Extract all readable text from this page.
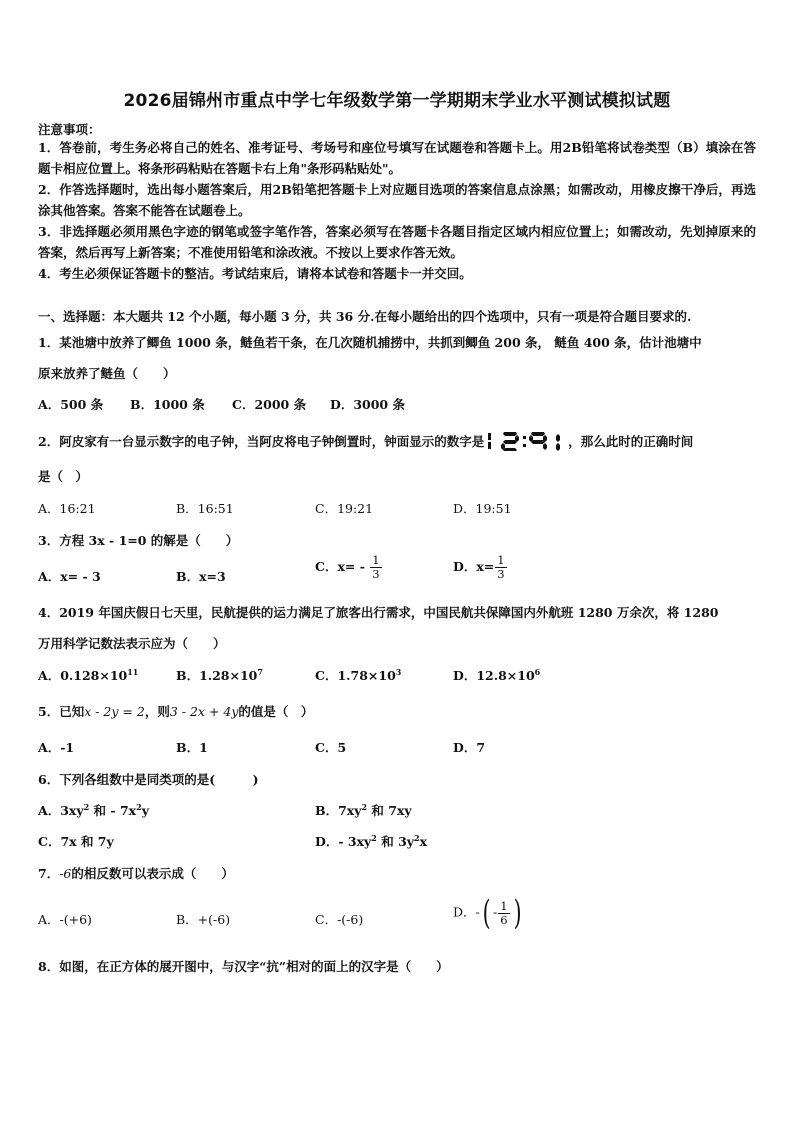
2026届锦州市重点中学七年级数学第一学期期末学业水平测试模拟试题
注意事项：
1．答卷前，考生务必将自己的姓名、准考证号、考场号和座位号填写在试题卷和答题卡上。用2B铅笔将试卷类型（B）填涂在答题卡相应位置上。将条形码粘贴在答题卡右上角"条形码粘贴处"。
2．作答选择题时，选出每小题答案后，用2B铅笔把答题卡上对应题目选项的答案信息点涂黑；如需改动，用橡皮擦干净后，再选涂其他答案。答案不能答在试题卷上。
3．非选择题必须用黑色字迹的钢笔或签字笔作答，答案必须写在答题卡各题目指定区域内相应位置上；如需改动，先划掉原来的答案，然后再写上新答案；不准使用铅笔和涂改液。不按以上要求作答无效。
4．考生必须保证答题卡的整洁。考试结束后，请将本试卷和答题卡一并交回。
一、选择题：本大题共 12 个小题，每小题 3 分，共 36 分.在每小题给出的四个选项中，只有一项是符合题目要求的.
1．某池塘中放养了鲫鱼 1000 条，鲢鱼若干条，在几次随机捕捞中，共抓到鲫鱼 200 条， 鲢鱼 400 条，估计池塘中
原来放养了鲢鱼（　　）
A．500 条 B．1000 条 C．2000 条 D．3000 条
2．阿皮家有一台显示数字的电子钟，当阿皮将电子钟倒置时，钟面显示的数字是	，那么此时的正确时间
是（　）
A．16:21	B．16:51	C．19:21	D．19:51
3．方程 3x - 1=0 的解是（　　）
A．x= - 3	B．x=3
C．$x= - \frac{1}{3}$	D．$x= \frac{1}{3}$
4．2019 年国庆假日七天里，民航提供的运力满足了旅客出行需求，中国民航共保障国内外航班 1280 万余次，将 1280
万用科学记数法表示应为（　　）
A．$0.128\times 10^{11}$	B．$1.28\times 10^7$	C．$1.78\times 10^3$	D．$12.8\times 10^6$
5．已知x - 2y = 2，则3 - 2x + 4y的值是（　）
A．-1	B．1	C．5	D．7
6．下列各组数中是同类项的是(　　　)
A．$3xy^2$ 和 - $7x^2y$	B．$7xy^2$ 和 7xy
C．7x 和 7y	D．- $3xy^2$ 和 $3y^2x$
7．-6的相反数可以表示成（　　）
A．-(+6)	B．+(-6)	C．-(-6)	D．-( - $\frac{1}{6}$ )
8．如图，在正方体的展开图中，与汉字“抗”相对的面上的汉字是（　　）
